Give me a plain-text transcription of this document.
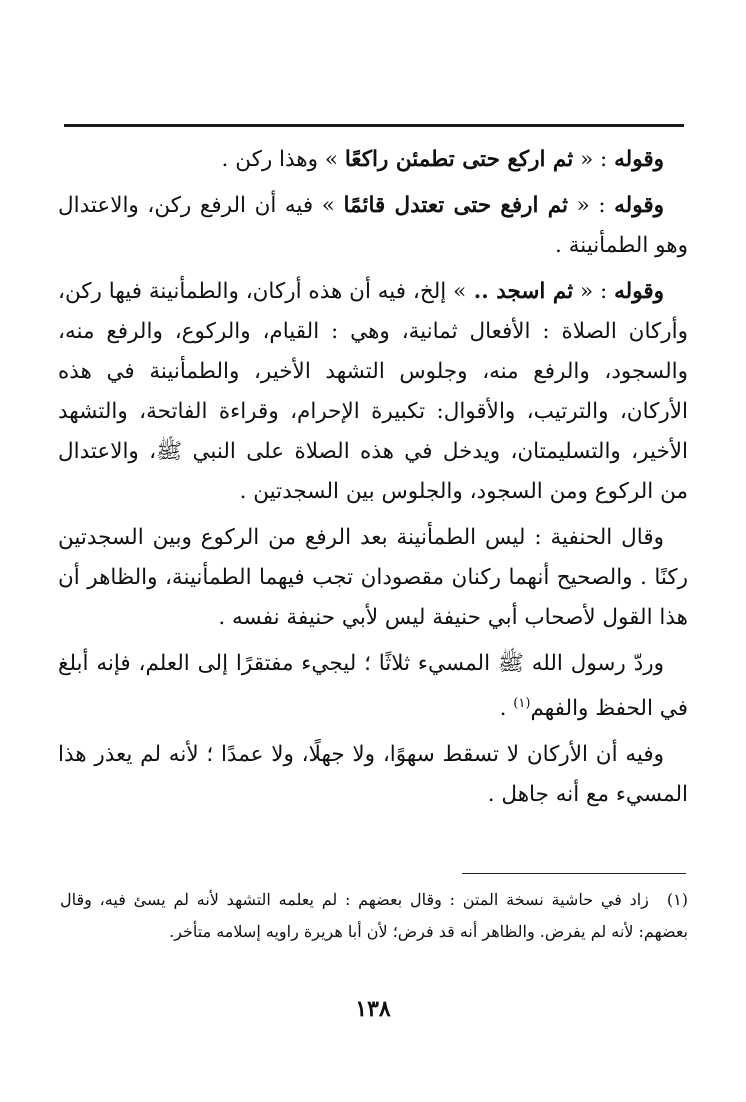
وقوله : « ثم اركع حتى تطمئن راكعًا » وهذا ركن .

وقوله : « ثم ارفع حتى تعتدل قائمًا » فيه أن الرفع ركن، والاعتدال وهو الطمأنينة .

وقوله : « ثم اسجد .. » إلخ، فيه أن هذه أركان، والطمأنينة فيها ركن، وأركان الصلاة : الأفعال ثمانية، وهي : القيام، والركوع، والرفع منه، والسجود، والرفع منه، وجلوس التشهد الأخير، والطمأنينة في هذه الأركان، والترتيب، والأقوال: تكبيرة الإحرام، وقراءة الفاتحة، والتشهد الأخير، والتسليمتان، ويدخل في هذه الصلاة على النبي ﷺ، والاعتدال من الركوع ومن السجود، والجلوس بين السجدتين .

وقال الحنفية : ليس الطمأنينة بعد الرفع من الركوع وبين السجدتين ركنًا . والصحيح أنهما ركنان مقصودان تجب فيهما الطمأنينة، والظاهر أن هذا القول لأصحاب أبي حنيفة ليس لأبي حنيفة نفسه .

وردّ رسول الله ﷺ المسيء ثلاثًا ؛ ليجيء مفتقرًا إلى العلم، فإنه أبلغ في الحفظ والفهم$^{(١)}$ .

وفيه أن الأركان لا تسقط سهوًا، ولا جهلًا، ولا عمدًا ؛ لأنه لم يعذر هذا المسيء مع أنه جاهل .

(١)زاد في حاشية نسخة المتن : وقال بعضهم : لم يعلمه التشهد لأنه لم يسئ فيه، وقال بعضهم: لأنه لم يفرض. والظاهر أنه قد فرض؛ لأن أبا هريرة راويه إسلامه متأخر.
١٣٨
